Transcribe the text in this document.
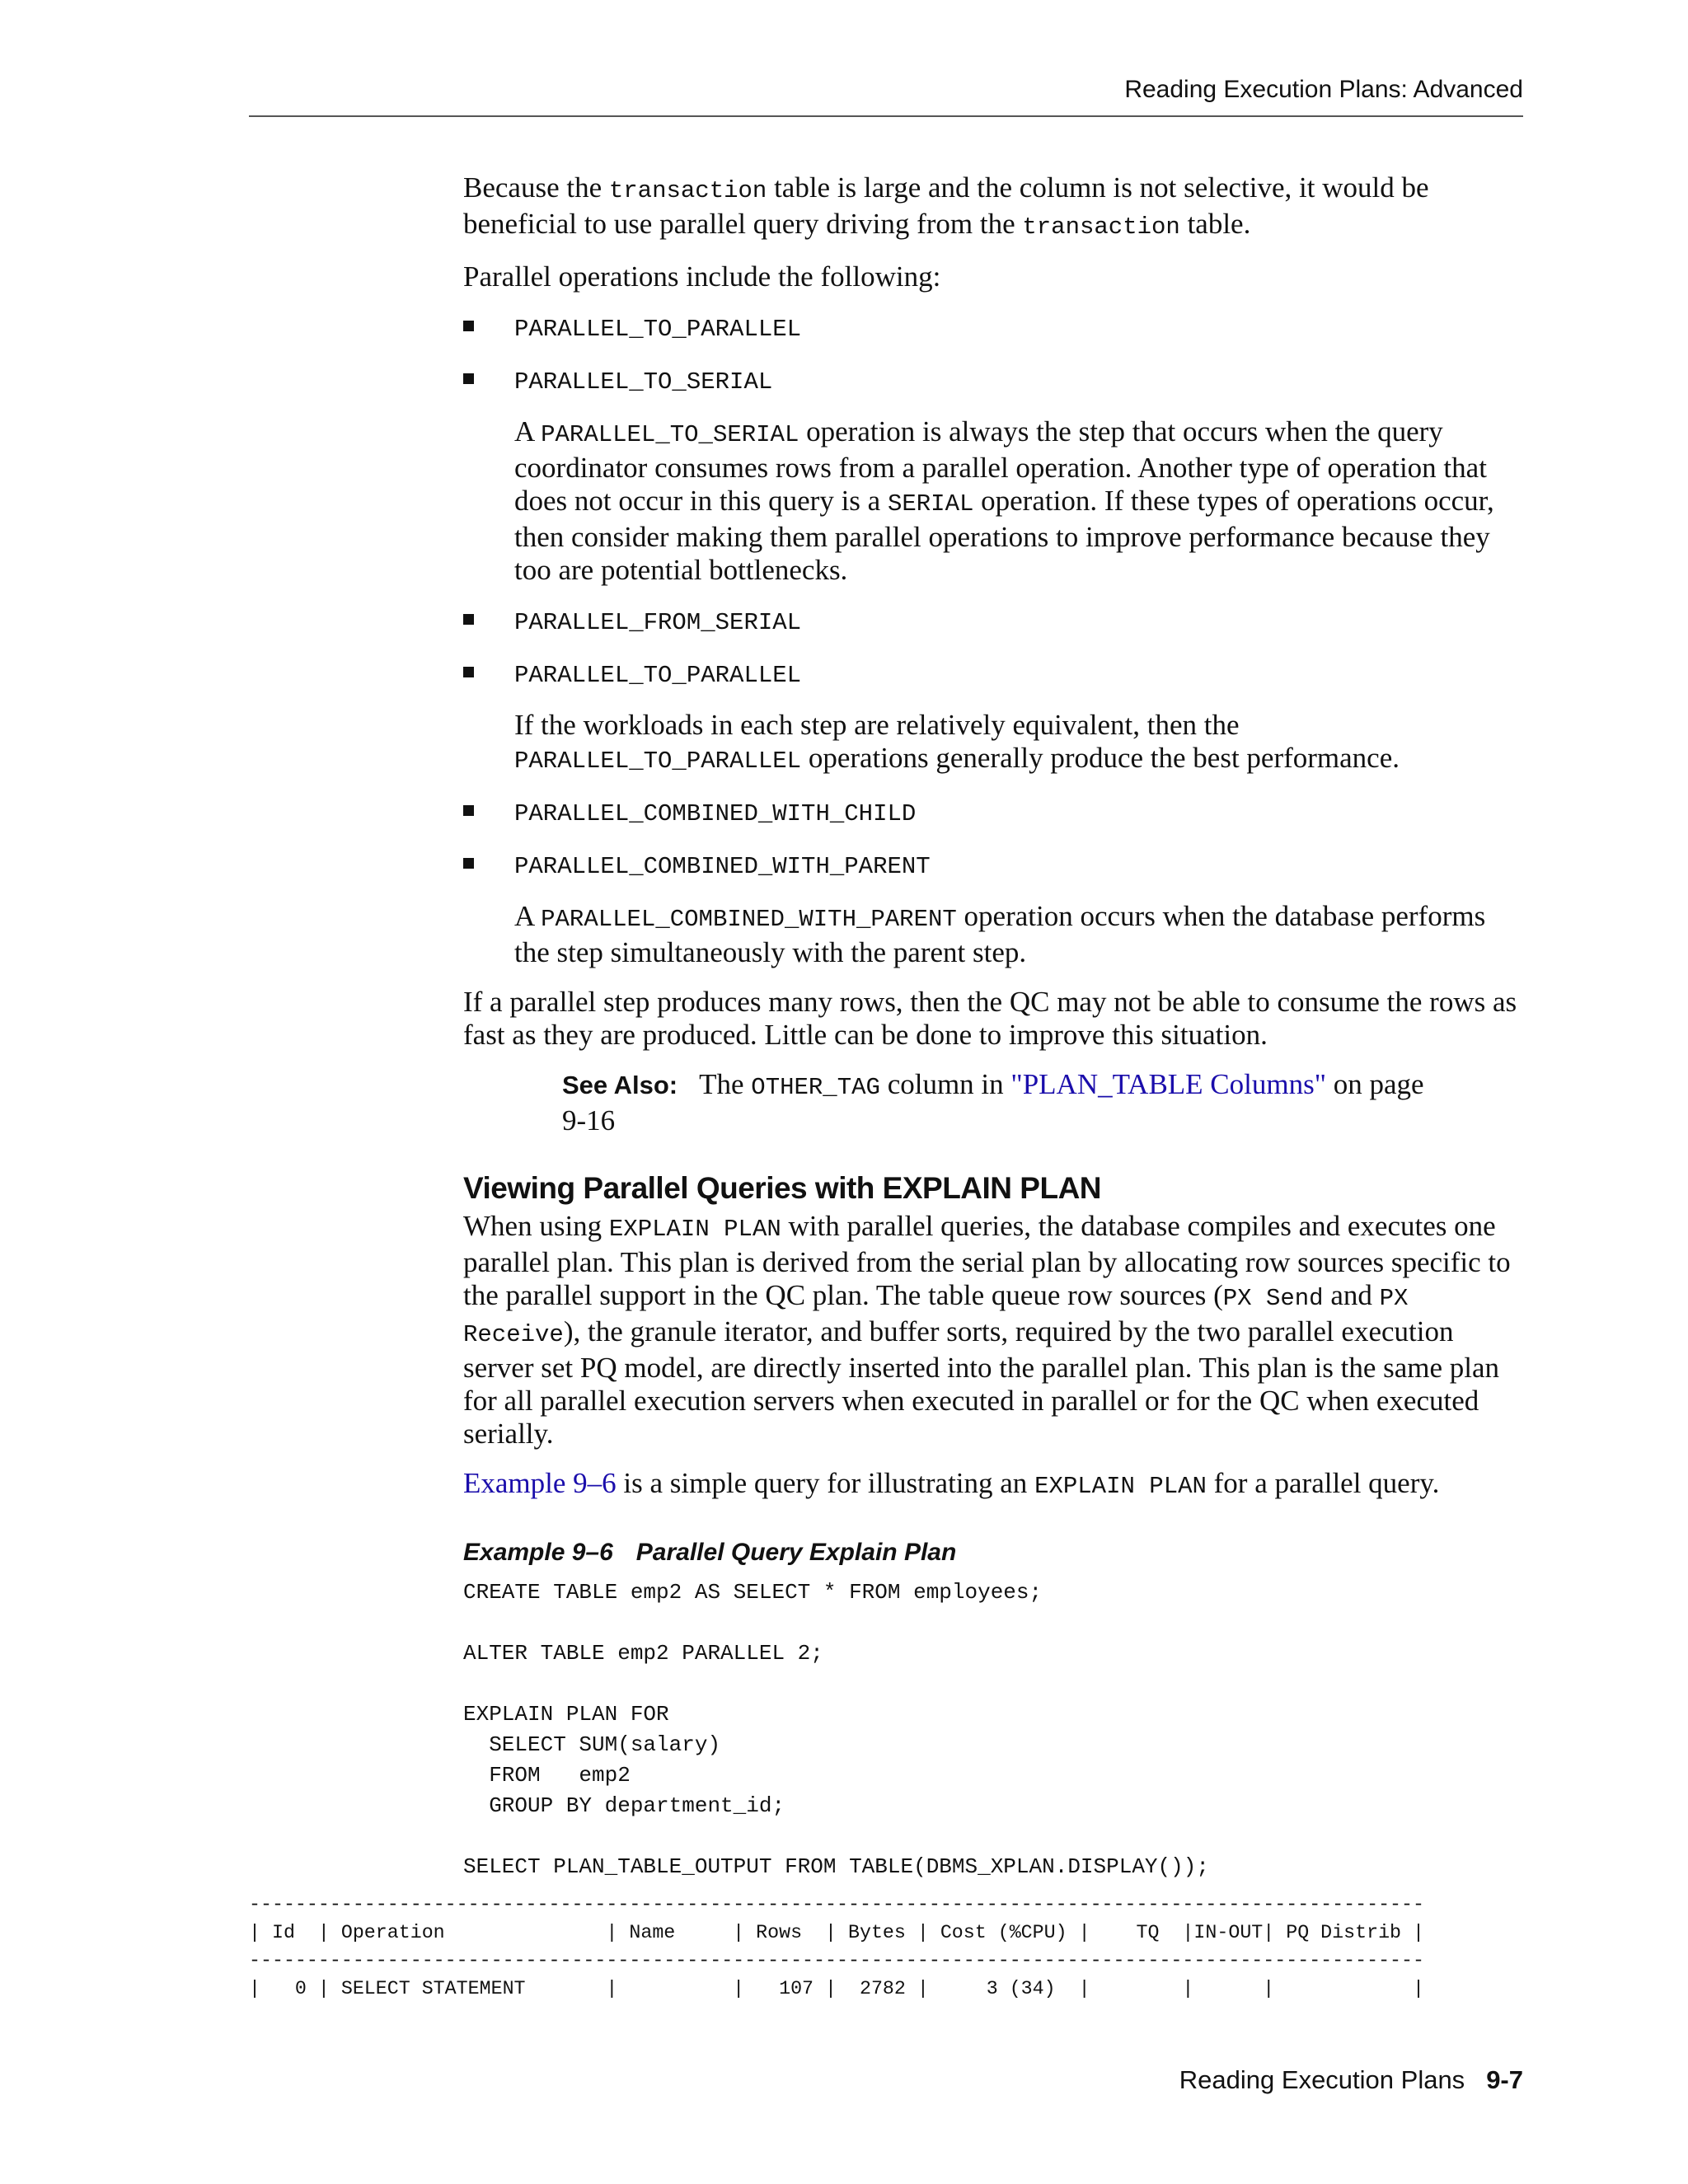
Reading Execution Plans: Advanced

Because the transaction table is large and the column is not selective, it would be beneficial to use parallel query driving from the transaction table.

Parallel operations include the following:

PARALLEL_TO_PARALLEL
PARALLEL_TO_SERIAL

A PARALLEL_TO_SERIAL operation is always the step that occurs when the query coordinator consumes rows from a parallel operation. Another type of operation that does not occur in this query is a SERIAL operation. If these types of operations occur, then consider making them parallel operations to improve performance because they too are potential bottlenecks.

PARALLEL_FROM_SERIAL
PARALLEL_TO_PARALLEL

If the workloads in each step are relatively equivalent, then the PARALLEL_TO_PARALLEL operations generally produce the best performance.

PARALLEL_COMBINED_WITH_CHILD
PARALLEL_COMBINED_WITH_PARENT

A PARALLEL_COMBINED_WITH_PARENT operation occurs when the database performs the step simultaneously with the parent step.

If a parallel step produces many rows, then the QC may not be able to consume the rows as fast as they are produced. Little can be done to improve this situation.

See Also: The OTHER_TAG column in "PLAN_TABLE Columns" on page 9-16
Viewing Parallel Queries with EXPLAIN PLAN

When using EXPLAIN PLAN with parallel queries, the database compiles and executes one parallel plan. This plan is derived from the serial plan by allocating row sources specific to the parallel support in the QC plan. The table queue row sources (PX Send and PX Receive), the granule iterator, and buffer sorts, required by the two parallel execution server set PQ model, are directly inserted into the parallel plan. This plan is the same plan for all parallel execution servers when executed in parallel or for the QC when executed serially.

Example 9–6 is a simple query for illustrating an EXPLAIN PLAN for a parallel query.

Example 9–6 Parallel Query Explain Plan
CREATE TABLE emp2 AS SELECT * FROM employees;

ALTER TABLE emp2 PARALLEL 2;

EXPLAIN PLAN FOR
SELECT SUM(salary)
FROM   emp2
GROUP BY department_id;

SELECT PLAN_TABLE_OUTPUT FROM TABLE(DBMS_XPLAN.DISPLAY());
------------------------------------------------------------------------------------------------------
| Id  | Operation              | Name     | Rows  | Bytes | Cost (%CPU) |    TQ  |IN-OUT| PQ Distrib |
------------------------------------------------------------------------------------------------------
|   0 | SELECT STATEMENT       |          |   107 |  2782 |     3 (34)  |        |      |            |
Reading Execution Plans 9-7
